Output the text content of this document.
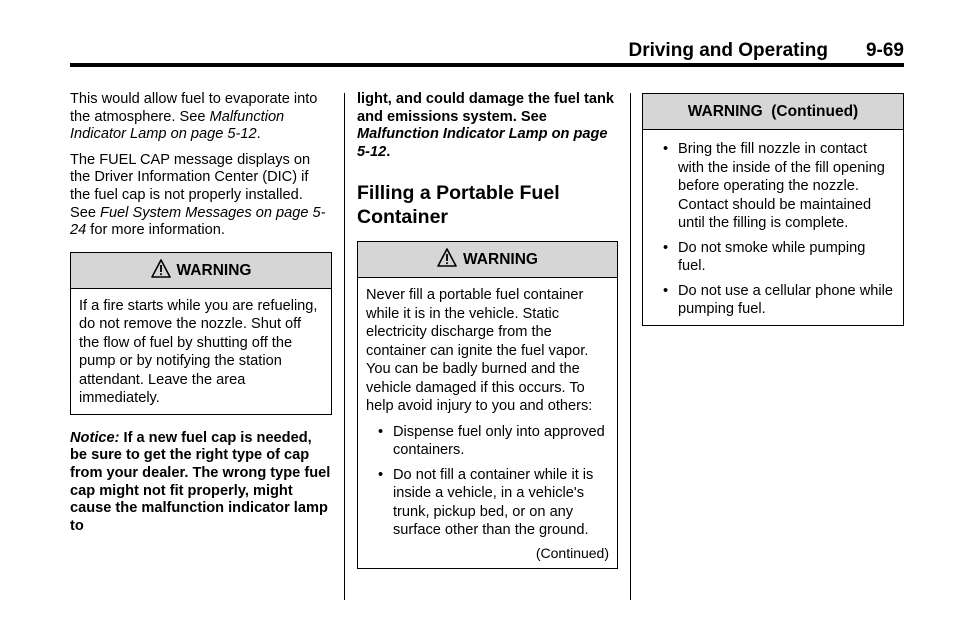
Driving and Operating 9-69

This would allow fuel to evaporate into the atmosphere. See Malfunction Indicator Lamp on page 5-12.

The FUEL CAP message displays on the Driver Information Center (DIC) if the fuel cap is not properly installed. See Fuel System Messages on page 5-24 for more information.

WARNING
If a fire starts while you are refueling, do not remove the nozzle. Shut off the flow of fuel by shutting off the pump or by notifying the station attendant. Leave the area immediately.

Notice: If a new fuel cap is needed, be sure to get the right type of cap from your dealer. The wrong type fuel cap might not fit properly, might cause the malfunction indicator lamp to

light, and could damage the fuel tank and emissions system. See Malfunction Indicator Lamp on page 5-12.

Filling a Portable Fuel Container
WARNING
Never fill a portable fuel container while it is in the vehicle. Static electricity discharge from the container can ignite the fuel vapor. You can be badly burned and the vehicle damaged if this occurs. To help avoid injury to you and others:
• Dispense fuel only into approved containers.
• Do not fill a container while it is inside a vehicle, in a vehicle's trunk, pickup bed, or on any surface other than the ground.
(Continued)
WARNING  (Continued)
• Bring the fill nozzle in contact with the inside of the fill opening before operating the nozzle. Contact should be maintained until the filling is complete.
• Do not smoke while pumping fuel.
• Do not use a cellular phone while pumping fuel.
